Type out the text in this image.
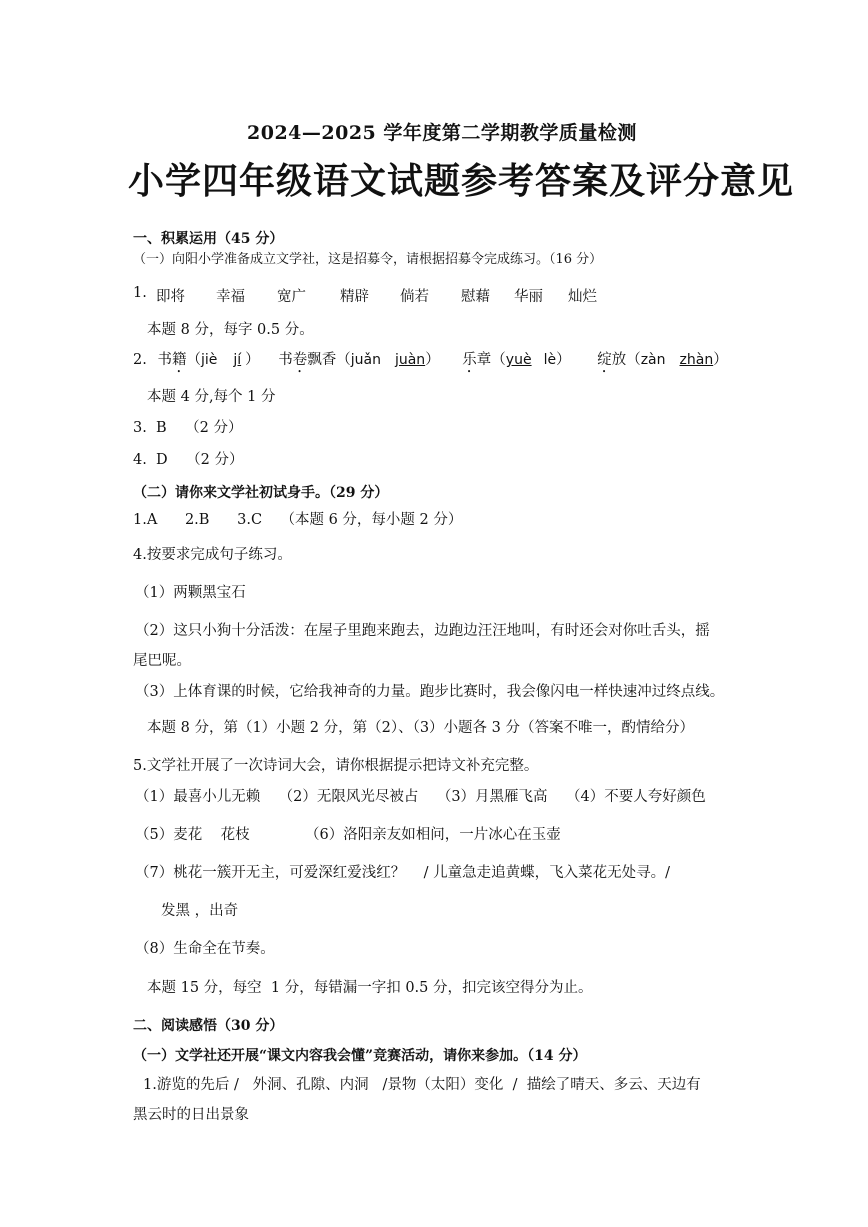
2024—2025 学年度第二学期教学质量检测
小学四年级语文试题参考答案及评分意见
一、积累运用（45 分）
（一）向阳小学准备成立文学社，这是招募令，请根据招募令完成练习。（16 分）
1. 即将 幸福 宽广 精辟 倘若 慰藉 华丽 灿烂
本题 8 分，每字 0.5 分。
2. 书籍（jiè jí ） 书卷飘香（juǎn juàn） 乐章（yuè lè） 绽放（zàn zhàn）
本题 4 分,每个 1 分
3.  B    （2 分）
4.  D    （2 分）
（二）请你来文学社初试身手。（29 分）
1.A      2.B      3.C    （本题 6 分，每小题 2 分）
4.按要求完成句子练习。
（1）两颗黑宝石
（2）这只小狗十分活泼：在屋子里跑来跑去，边跑边汪汪地叫，有时还会对你吐舌头，摇
尾巴呢。
（3）上体育课的时候，它给我神奇的力量。跑步比赛时，我会像闪电一样快速冲过终点线。
本题 8 分，第（1）小题 2 分，第（2）、（3）小题各 3 分（答案不唯一，酌情给分）
5.文学社开展了一次诗词大会，请你根据提示把诗文补充完整。
（1）最喜小儿无赖    （2）无限风光尽被占    （3）月黑雁飞高    （4）不要人夸好颜色
（5）麦花    花枝            （6）洛阳亲友如相问，一片冰心在玉壶
（7）桃花一簇开无主，可爱深红爱浅红？    / 儿童急走追黄蝶，飞入菜花无处寻。/
发黑 ，出奇
（8）生命全在节奏。
本题 15 分，每空  1 分，每错漏一字扣 0.5 分，扣完该空得分为止。
二、阅读感悟（30 分）
（一）文学社还开展“课文内容我会懂”竞赛活动，请你来参加。（14 分）
1.游览的先后 /   外洞、孔隙、内洞   /景物（太阳）变化  /  描绘了晴天、多云、天边有
黑云时的日出景象
